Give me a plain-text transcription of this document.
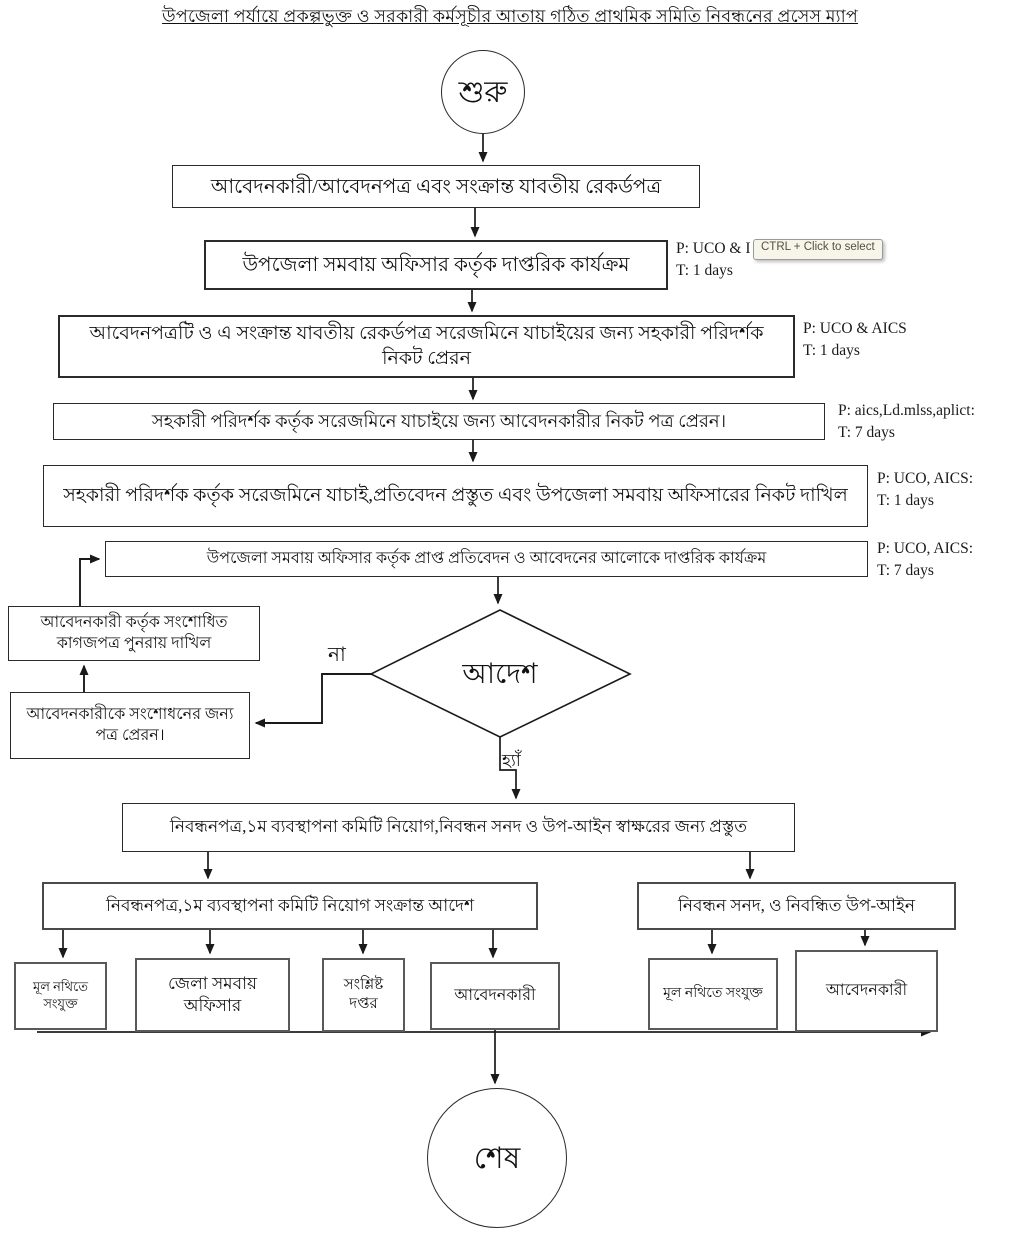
উপজেলা পর্যায়ে প্রকল্পভুক্ত ও সরকারী কর্মসূচীর আতায় গঠিত প্রাথমিক সমিতি নিবন্ধনের প্রসেস ম্যাপ
শুরু
আবেদনকারী/আবেদনপত্র এবং সংক্রান্ত যাবতীয় রেকর্ডপত্র
উপজেলা সমবায় অফিসার কর্তৃক দাপ্তরিক কার্যক্রম
আবেদনপত্রটি ও এ সংক্রান্ত যাবতীয় রেকর্ডপত্র সরেজমিনে যাচাইয়ের জন্য সহকারী পরিদর্শক নিকট প্রেরন
সহকারী পরিদর্শক কর্তৃক সরেজমিনে যাচাইয়ে জন্য আবেদনকারীর নিকট পত্র প্রেরন।
সহকারী পরিদর্শক কর্তৃক সরেজমিনে যাচাই,প্রতিবেদন প্রস্তুত এবং উপজেলা সমবায় অফিসারের নিকট দাখিল
উপজেলা সমবায় অফিসার কর্তৃক প্রাপ্ত প্রতিবেদন ও আবেদনের আলোকে দাপ্তরিক কার্যক্রম
আবেদনকারী কর্তৃক সংশোধিত কাগজপত্র পুনরায় দাখিল
আবেদনকারীকে সংশোধনের জন্য পত্র প্রেরন।
আদেশ
না
হ্যাঁ
নিবন্ধনপত্র,১ম ব্যবস্থাপনা কমিটি নিয়োগ,নিবন্ধন সনদ ও উপ-আইন স্বাক্ষরের জন্য প্রস্তুত
নিবন্ধনপত্র,১ম ব্যবস্থাপনা কমিটি নিয়োগ সংক্রান্ত আদেশ	নিবন্ধন সনদ, ও নিবন্ধিত উপ-আইন
মূল নথিতে সংযুক্ত
জেলা সমবায় অফিসার
সংশ্লিষ্ট দপ্তর
আবেদনকারী	মূল নথিতে সংযুক্ত	আবেদনকারী
P: UCO & I
T: 1 days
P: UCO & AICS
T: 1 days
P: aics,Ld.mlss,aplict:
T: 7 days
P: UCO, AICS:
T: 1 days
P: UCO, AICS:
T: 7 days
CTRL + Click to select
শেষ
